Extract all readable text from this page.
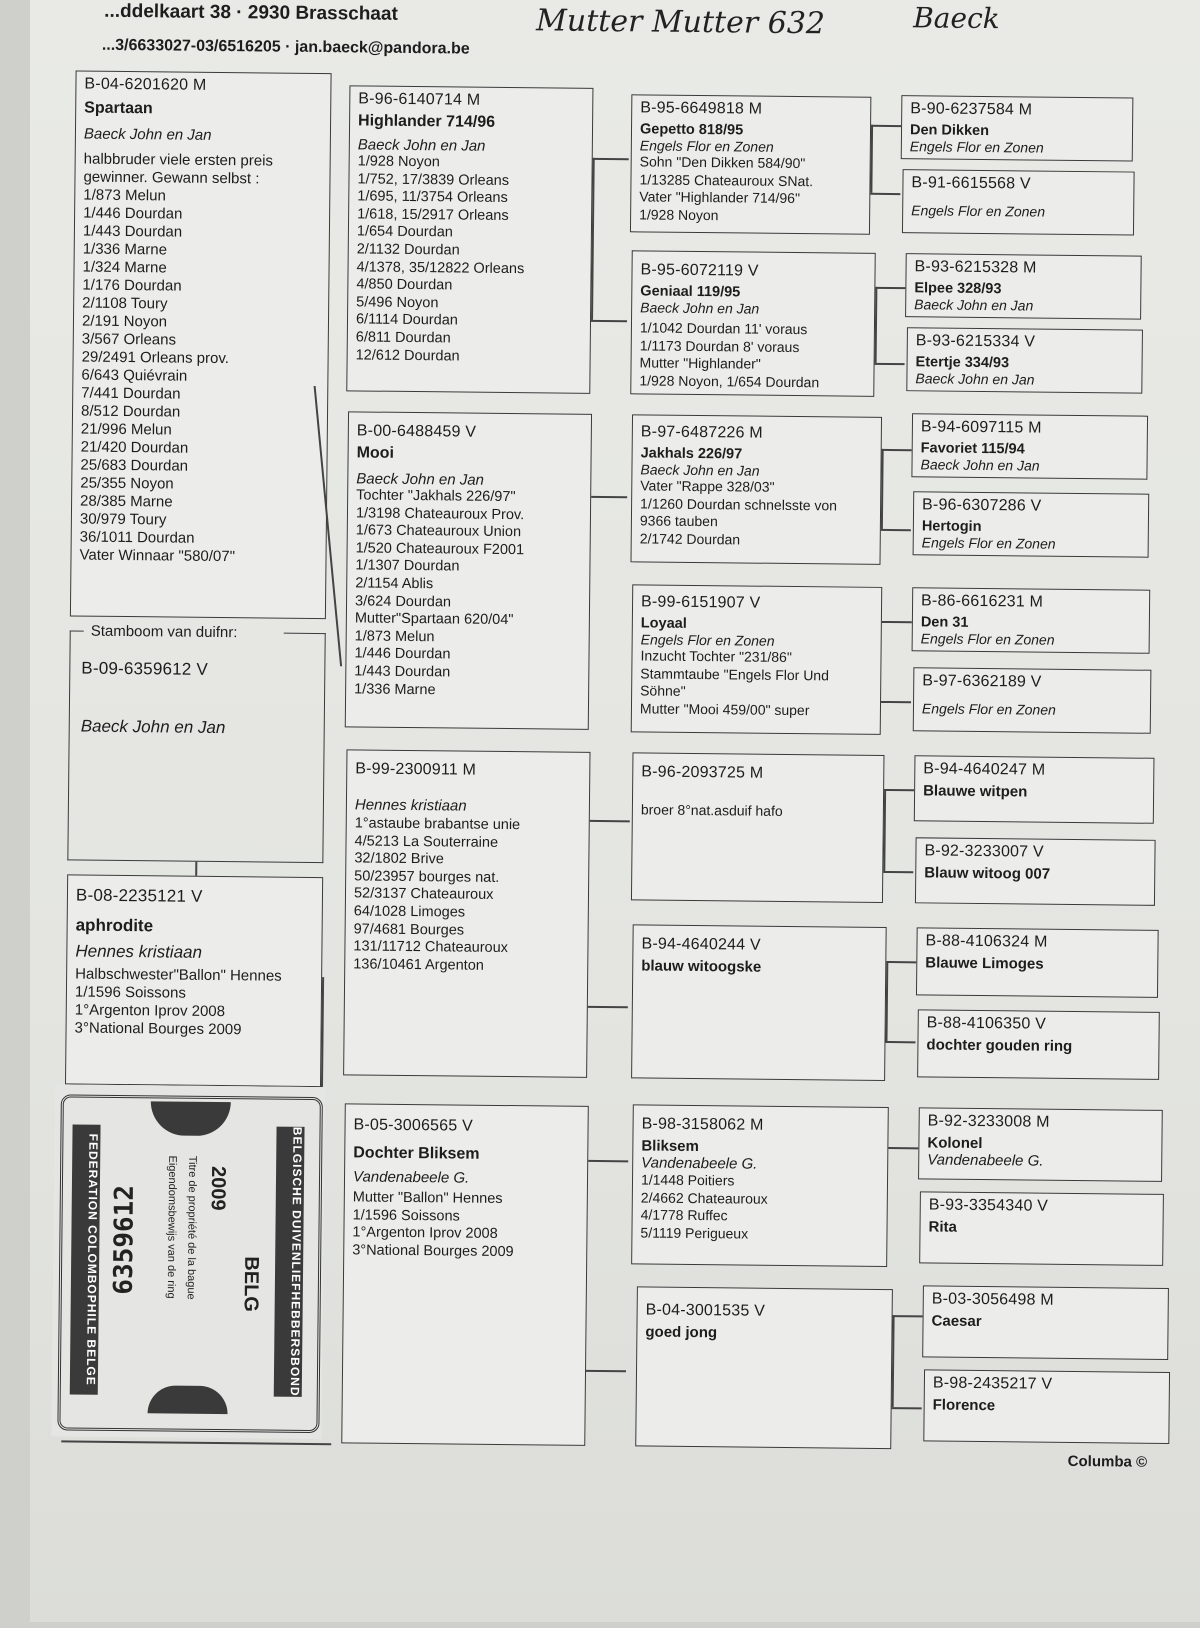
...ddelkaart 38 · 2930 Brasschaat
...3/6633027-03/6516205 · jan.baeck@pandora.be
Mutter Mutter 632	Baeck
B-04-6201620 M
Spartaan
Baeck John en Jan
halbbruder viele ersten preis
gewinner. Gewann selbst :
1/873 Melun
1/446 Dourdan
1/443 Dourdan
1/336 Marne
1/324 Marne
1/176 Dourdan
2/1108 Toury
2/191 Noyon
3/567 Orleans
29/2491 Orleans prov.
6/643 Quiévrain
7/441 Dourdan
8/512 Dourdan
21/996 Melun
21/420 Dourdan
25/683 Dourdan
25/355 Noyon
28/385 Marne
30/979 Toury
36/1011 Dourdan
Vater Winnaar "580/07"
Stamboom van duifnr:
B-09-6359612 V
Baeck John en Jan
B-08-2235121 V
aphrodite
Hennes kristiaan
Halbschwester"Ballon" Hennes
1/1596 Soissons
1°Argenton Iprov 2008
3°National Bourges 2009
B-96-6140714 M
Highlander 714/96
Baeck John en Jan
1/928 Noyon
1/752, 17/3839 Orleans
1/695, 11/3754 Orleans
1/618, 15/2917 Orleans
1/654 Dourdan
2/1132 Dourdan
4/1378, 35/12822 Orleans
4/850 Dourdan
5/496 Noyon
6/1114 Dourdan
6/811 Dourdan
12/612 Dourdan
B-00-6488459 V
Mooi
Baeck John en Jan
Tochter "Jakhals 226/97"
1/3198 Chateauroux Prov.
1/673 Chateauroux Union
1/520 Chateauroux F2001
1/1307 Dourdan
2/1154 Ablis
3/624 Dourdan
Mutter"Spartaan 620/04"
1/873 Melun
1/446 Dourdan
1/443 Dourdan
1/336 Marne
B-99-2300911 M
Hennes kristiaan
1°astaube brabantse unie
4/5213 La Souterraine
32/1802 Brive
50/23957 bourges nat.
52/3137 Chateauroux
64/1028 Limoges
97/4681 Bourges
131/11712 Chateauroux
136/10461 Argenton
B-05-3006565 V
Dochter Bliksem
Vandenabeele G.
Mutter "Ballon" Hennes
1/1596 Soissons
1°Argenton Iprov 2008
3°National Bourges 2009
B-95-6649818 M
Gepetto 818/95
Engels Flor en Zonen
Sohn "Den Dikken 584/90"
1/13285 Chateauroux SNat.
Vater "Highlander 714/96"
1/928 Noyon
B-95-6072119 V
Geniaal 119/95
Baeck John en Jan
1/1042 Dourdan 11' voraus
1/1173 Dourdan 8' voraus
Mutter "Highlander"
1/928 Noyon, 1/654 Dourdan
B-97-6487226 M
Jakhals 226/97
Baeck John en Jan
Vater "Rappe 328/03"
1/1260 Dourdan schnelsste von
9366 tauben
2/1742 Dourdan
B-99-6151907 V
Loyaal
Engels Flor en Zonen
Inzucht Tochter "231/86"
Stammtaube "Engels Flor Und
Söhne"
Mutter "Mooi 459/00" super
B-96-2093725 M
broer 8°nat.asduif hafo
B-94-4640244 V
blauw witoogske
B-98-3158062 M
Bliksem
Vandenabeele G.
1/1448 Poitiers
2/4662 Chateauroux
4/1778 Ruffec
5/1119 Perigueux
B-04-3001535 V
goed jong
B-90-6237584 M
Den Dikken
Engels Flor en Zonen
B-91-6615568 V
Engels Flor en Zonen
B-93-6215328 M
Elpee 328/93
Baeck John en Jan
B-93-6215334 V
Etertje 334/93
Baeck John en Jan
B-94-6097115 M
Favoriet 115/94
Baeck John en Jan
B-96-6307286 V
Hertogin
Engels Flor en Zonen
B-86-6616231 M
Den 31
Engels Flor en Zonen
B-97-6362189 V
Engels Flor en Zonen
B-94-4640247 M
Blauwe witpen
B-92-3233007 V
Blauw witoog 007
B-88-4106324 M
Blauwe Limoges
B-88-4106350 V
dochter gouden ring
B-92-3233008 M
Kolonel
Vandenabeele G.
B-93-3354340 V
Rita
B-03-3056498 M
Caesar
B-98-2435217 V
Florence
FEDERATION COLOMBOPHILE BELGE	BELGISCHE DUIVENLIEFHEBBERSBOND
6359612 Eigendomsbewijs van de ring Titre de propriété de la bague 2009
BELG
Columba ©
